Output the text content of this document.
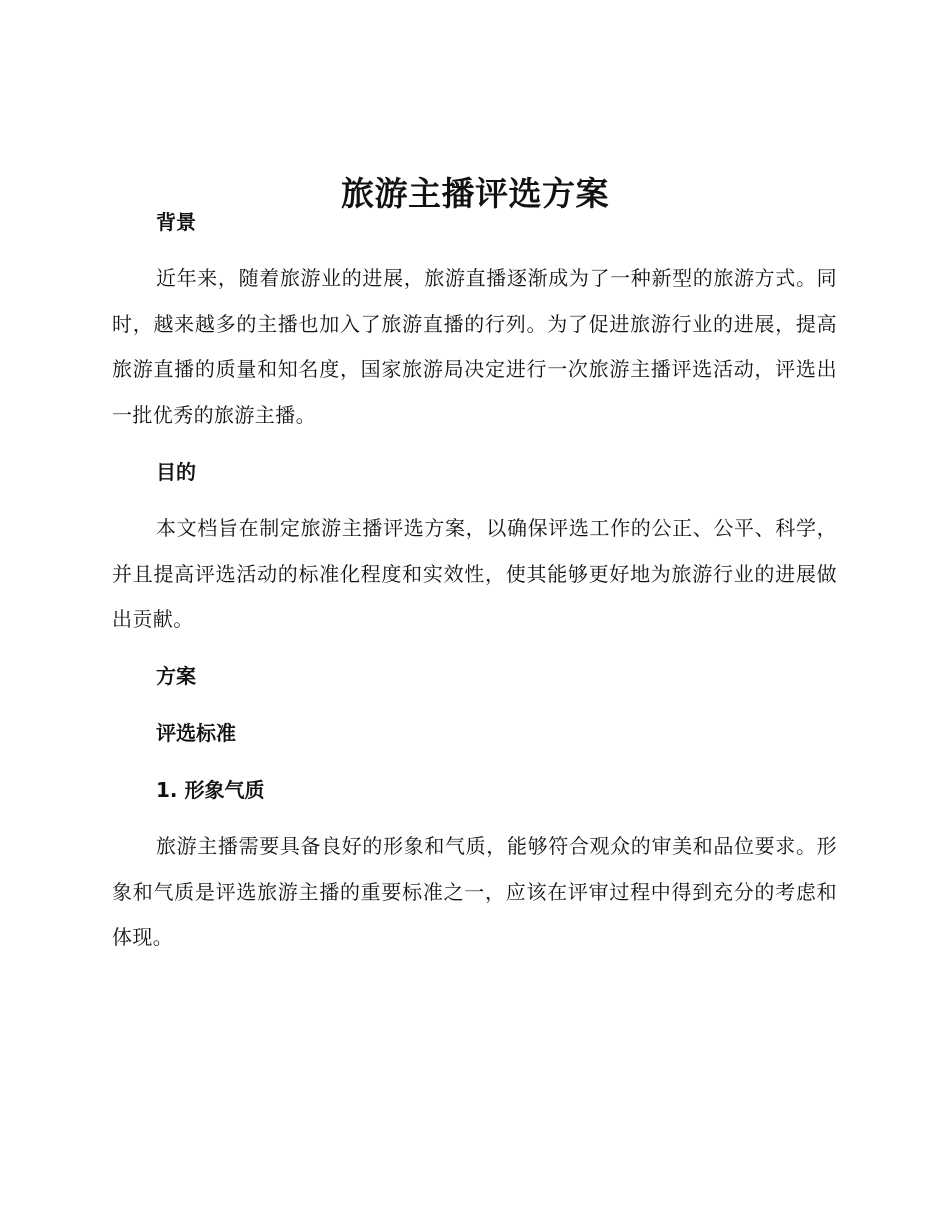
旅游主播评选方案
背景

近年来，随着旅游业的进展，旅游直播逐渐成为了一种新型的旅游方式。同时，越来越多的主播也加入了旅游直播的行列。为了促进旅游行业的进展，提高旅游直播的质量和知名度，国家旅游局决定进行一次旅游主播评选活动，评选出一批优秀的旅游主播。

目的

本文档旨在制定旅游主播评选方案，以确保评选工作的公正、公平、科学，并且提高评选活动的标准化程度和实效性，使其能够更好地为旅游行业的进展做出贡献。

方案
评选标准
1. 形象气质

旅游主播需要具备良好的形象和气质，能够符合观众的审美和品位要求。形象和气质是评选旅游主播的重要标准之一，应该在评审过程中得到充分的考虑和体现。
